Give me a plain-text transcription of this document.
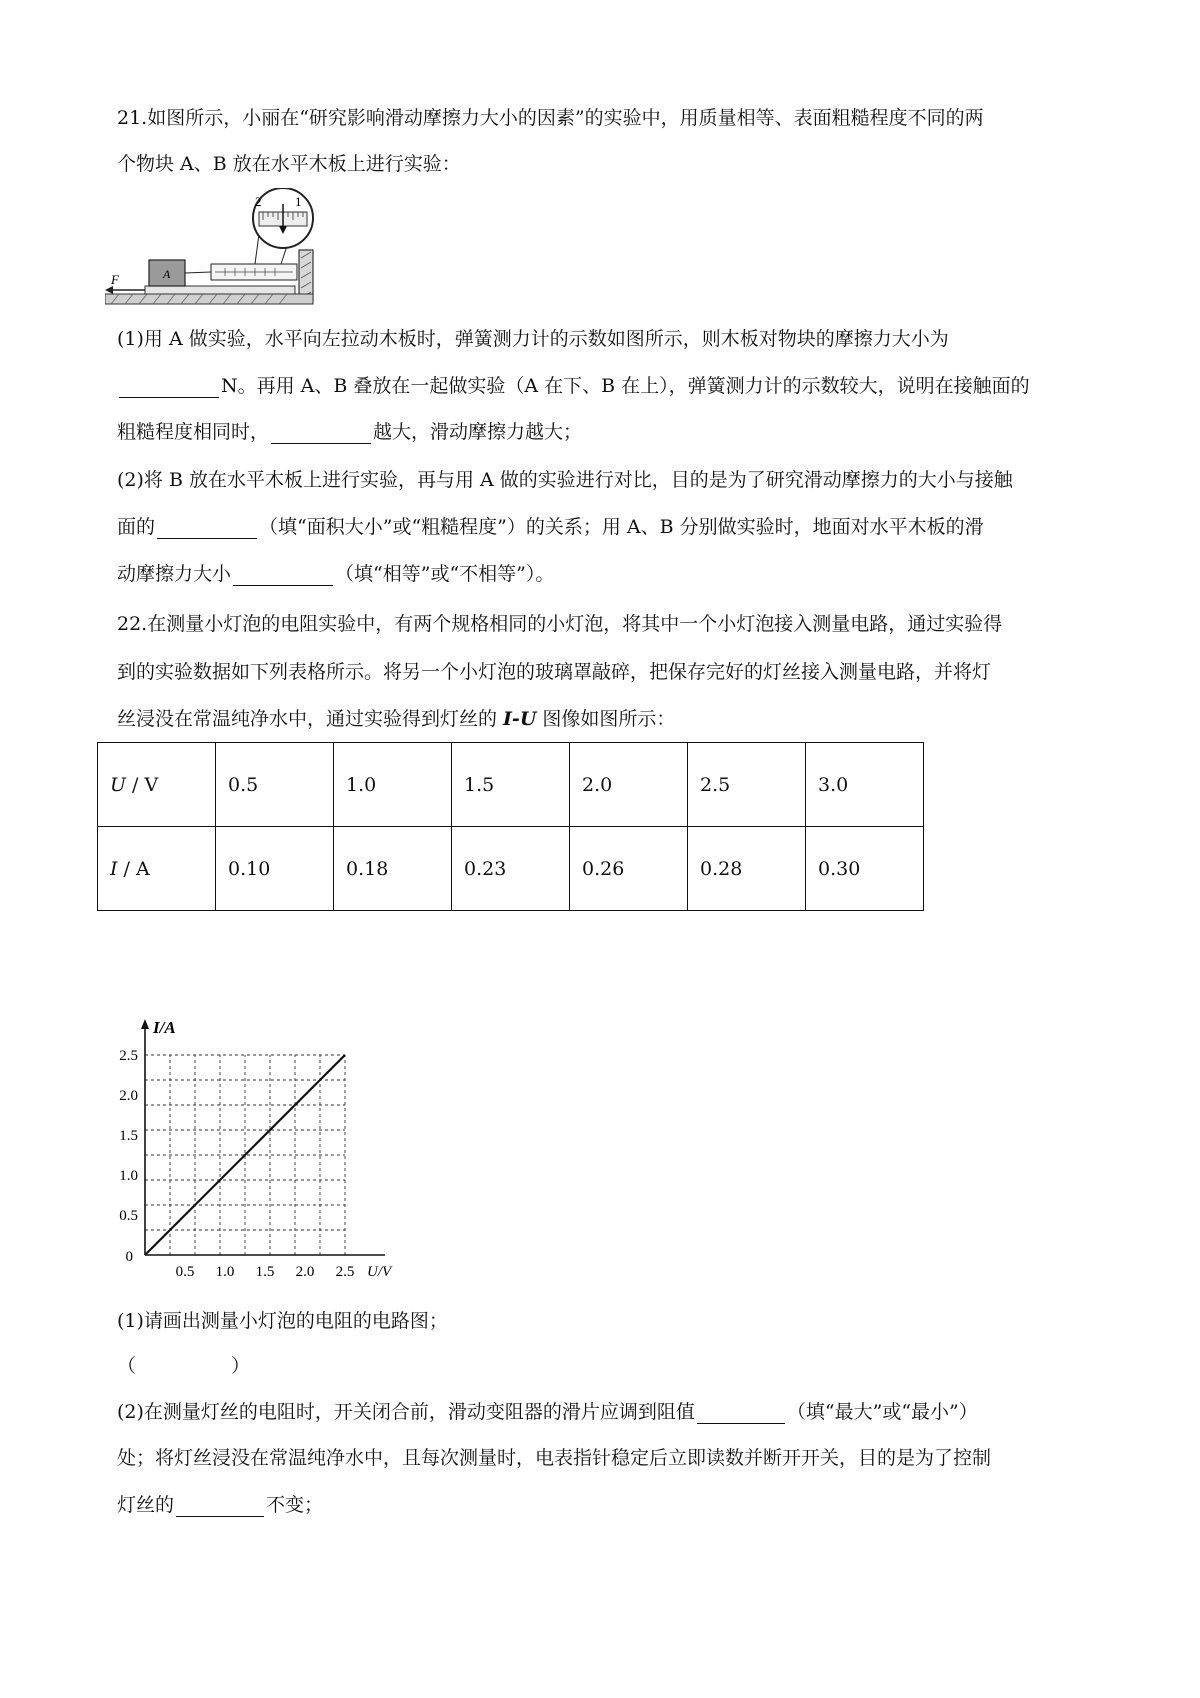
21.如图所示，小丽在“研究影响滑动摩擦力大小的因素”的实验中，用质量相等、表面粗糙程度不同的两
个物块 A、B 放在水平木板上进行实验：
F	A
2	1
(1)用 A 做实验，水平向左拉动木板时，弹簧测力计的示数如图所示，则木板对物块的摩擦力大小为
N。再用 A、B 叠放在一起做实验（A 在下、B 在上），弹簧测力计的示数较大，说明在接触面的
粗糙程度相同时，	越大，滑动摩擦力越大；
(2)将 B 放在水平木板上进行实验，再与用 A 做的实验进行对比，目的是为了研究滑动摩擦力的大小与接触
面的	（填“面积大小”或“粗糙程度”）的关系；用 A、B 分别做实验时，地面对水平木板的滑
动摩擦力大小	（填“相等”或“不相等”）。
22.在测量小灯泡的电阻实验中，有两个规格相同的小灯泡，将其中一个小灯泡接入测量电路，通过实验得
到的实验数据如下列表格所示。将另一个小灯泡的玻璃罩敲碎，把保存完好的灯丝接入测量电路，并将灯
丝浸没在常温纯净水中，通过实验得到灯丝的 I-U 图像如图所示：
U / V	0.5	1.0	1.5	2.0	2.5	3.0
I / A	0.10	0.18	0.23	0.26	0.28	0.30
0.5 1.0 1.5 2.0 2.5
0.5
1.0
1.5
2.0
2.5
0
I/A
U/V
(1)请画出测量小灯泡的电阻的电路图；
（　　　　　）
(2)在测量灯丝的电阻时，开关闭合前，滑动变阻器的滑片应调到阻值	（填“最大”或“最小”）
处；将灯丝浸没在常温纯净水中，且每次测量时，电表指针稳定后立即读数并断开开关，目的是为了控制
灯丝的	不变；
